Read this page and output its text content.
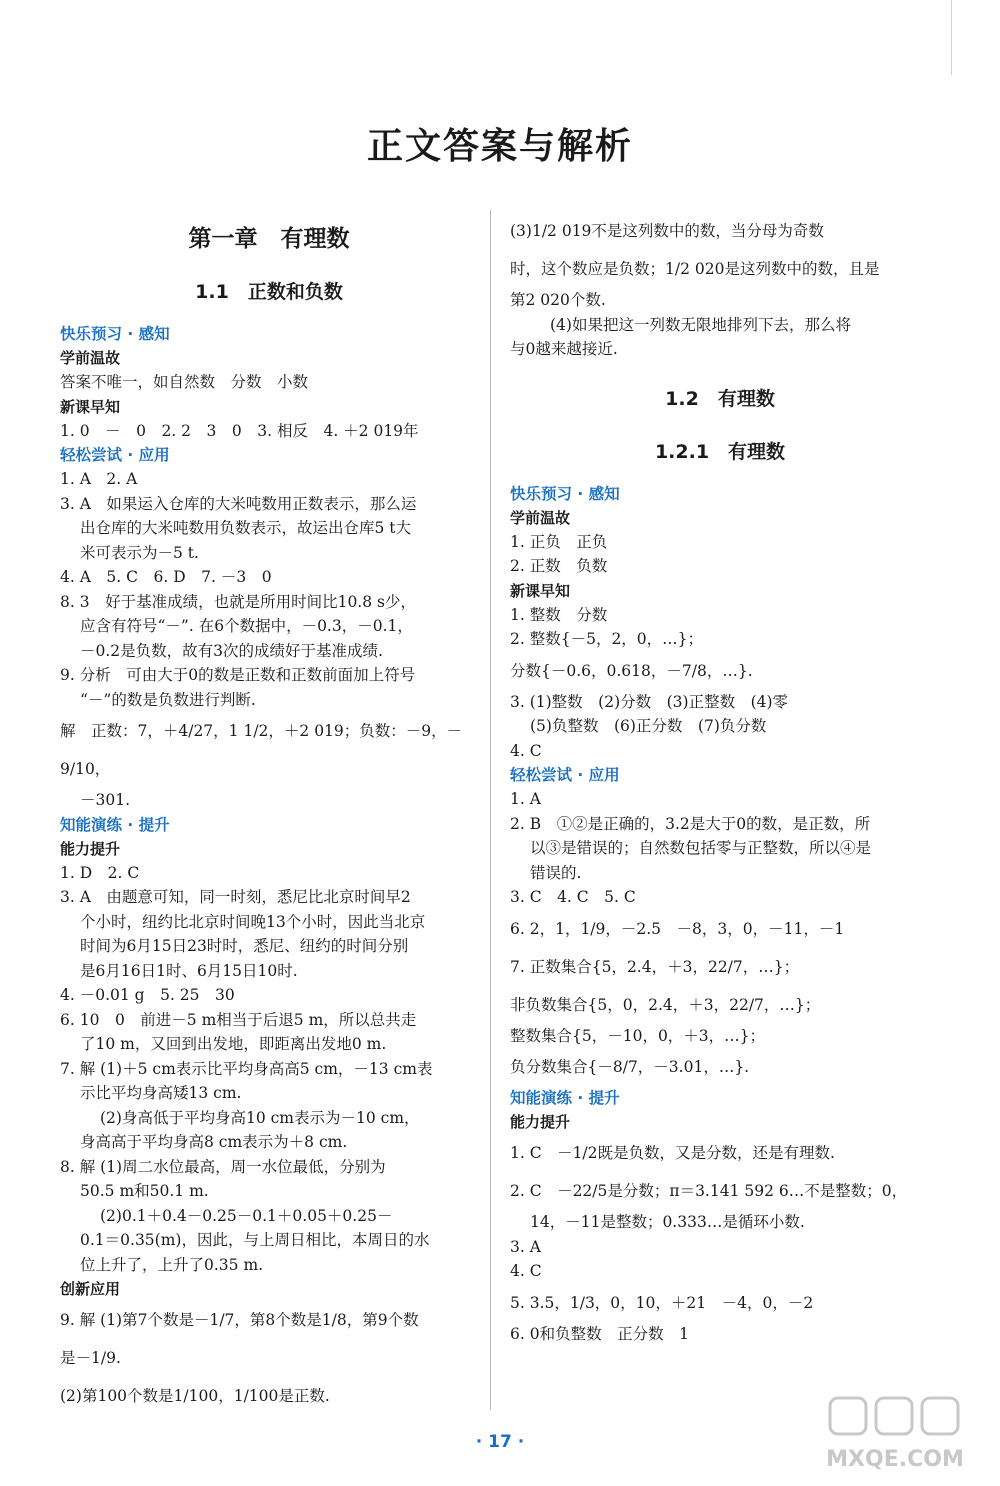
正文答案与解析
第一章　有理数
1.1　正数和负数
快乐预习 · 感知
学前温故
答案不唯一，如自然数　分数　小数
新课早知
1. 0　－　0　2. 2　3　0　3. 相反　4. ＋2 019年
轻松尝试 · 应用
1. A　2. A
3. A　如果运入仓库的大米吨数用正数表示，那么运
出仓库的大米吨数用负数表示，故运出仓库5 t大
米可表示为－5 t.
4. A　5. C　6. D　7. －3　0
8. 3　好于基准成绩，也就是所用时间比10.8 s少，
应含有符号“－”. 在6个数据中，－0.3，－0.1，
－0.2是负数，故有3次的成绩好于基准成绩.
9. 分析　可由大于0的数是正数和正数前面加上符号
“－”的数是负数进行判断.
解　正数：7，＋4/27，1 1/2，＋2 019；负数：－9，－9/10，
－301.
知能演练 · 提升
能力提升
1. D　2. C
3. A　由题意可知，同一时刻，悉尼比北京时间早2
个小时，纽约比北京时间晚13个小时，因此当北京
时间为6月15日23时时，悉尼、纽约的时间分别
是6月16日1时、6月15日10时.
4. －0.01 g　5. 25　30
6. 10　0　前进－5 m相当于后退5 m，所以总共走
了10 m，又回到出发地，即距离出发地0 m.
7. 解 (1)＋5 cm表示比平均身高高5 cm，－13 cm表
示比平均身高矮13 cm.
(2)身高低于平均身高10 cm表示为－10 cm，
身高高于平均身高8 cm表示为＋8 cm.
8. 解 (1)周二水位最高，周一水位最低，分别为
50.5 m和50.1 m.
(2)0.1＋0.4－0.25－0.1＋0.05＋0.25－
0.1＝0.35(m)，因此，与上周日相比，本周日的水
位上升了，上升了0.35 m.
创新应用
9. 解 (1)第7个数是－1/7，第8个数是1/8，第9个数
是－1/9.
(2)第100个数是1/100，1/100是正数.
(3)1/2 019不是这列数中的数，当分母为奇数
时，这个数应是负数；1/2 020是这列数中的数，且是
第2 020个数.
(4)如果把这一列数无限地排列下去，那么将
与0越来越接近.
1.2　有理数
1.2.1　有理数
快乐预习 · 感知
学前温故
1. 正负　正负
2. 正数　负数
新课早知
1. 整数　分数
2. 整数{－5，2，0，…}；
分数{－0.6，0.618，－7/8，…}.
3. (1)整数　(2)分数　(3)正整数　(4)零
(5)负整数　(6)正分数　(7)负分数
4. C
轻松尝试 · 应用
1. A
2. B　①②是正确的，3.2是大于0的数，是正数，所
以③是错误的；自然数包括零与正整数，所以④是
错误的.
3. C　4. C　5. C
6. 2，1，1/9，－2.5　－8，3，0，－11，－1
7. 正数集合{5，2.4，＋3，22/7，…}；
非负数集合{5，0，2.4，＋3，22/7，…}；
整数集合{5，－10，0，＋3，…}；
负分数集合{－8/7，－3.01，…}.
知能演练 · 提升
能力提升
1. C　－1/2既是负数，又是分数，还是有理数.
2. C　－22/5是分数；π＝3.141 592 6…不是整数；0，
14，－11是整数；0.333…是循环小数.
3. A
4. C
5. 3.5，1/3，0，10，＋21　－4，0，－2
6. 0和负整数　正分数　1
· 17 ·
MXQE.COM
